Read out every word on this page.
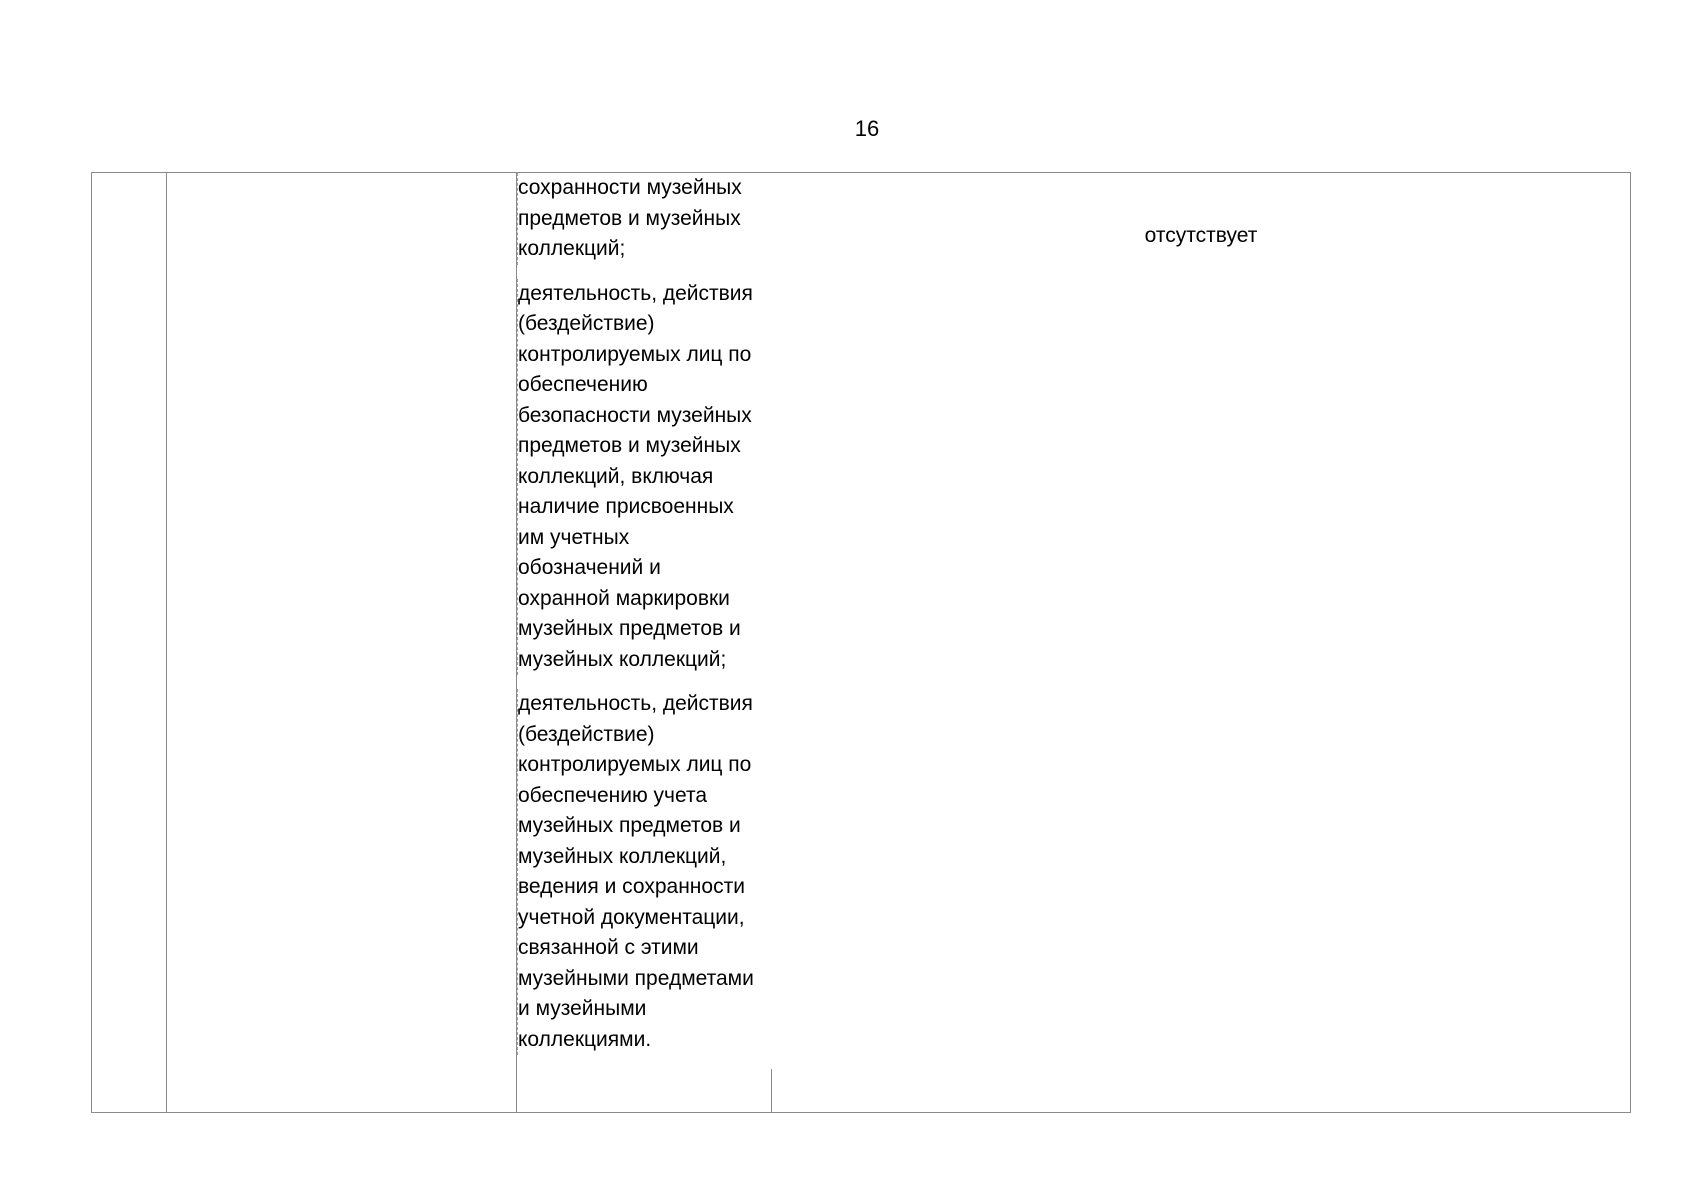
16
сохранности музейных
предметов и музейных
коллекций;
деятельность, действия
(бездействие)
контролируемых лиц по
обеспечению
безопасности музейных
предметов и музейных
коллекций, включая
наличие присвоенных
им учетных
обозначений и
охранной маркировки
музейных предметов и
музейных коллекций;
деятельность, действия
(бездействие)
контролируемых лиц по
обеспечению учета
музейных предметов и
музейных коллекций,
ведения и сохранности
учетной документации,
связанной с этими
музейными предметами
и музейными
коллекциями.
отсутствует
